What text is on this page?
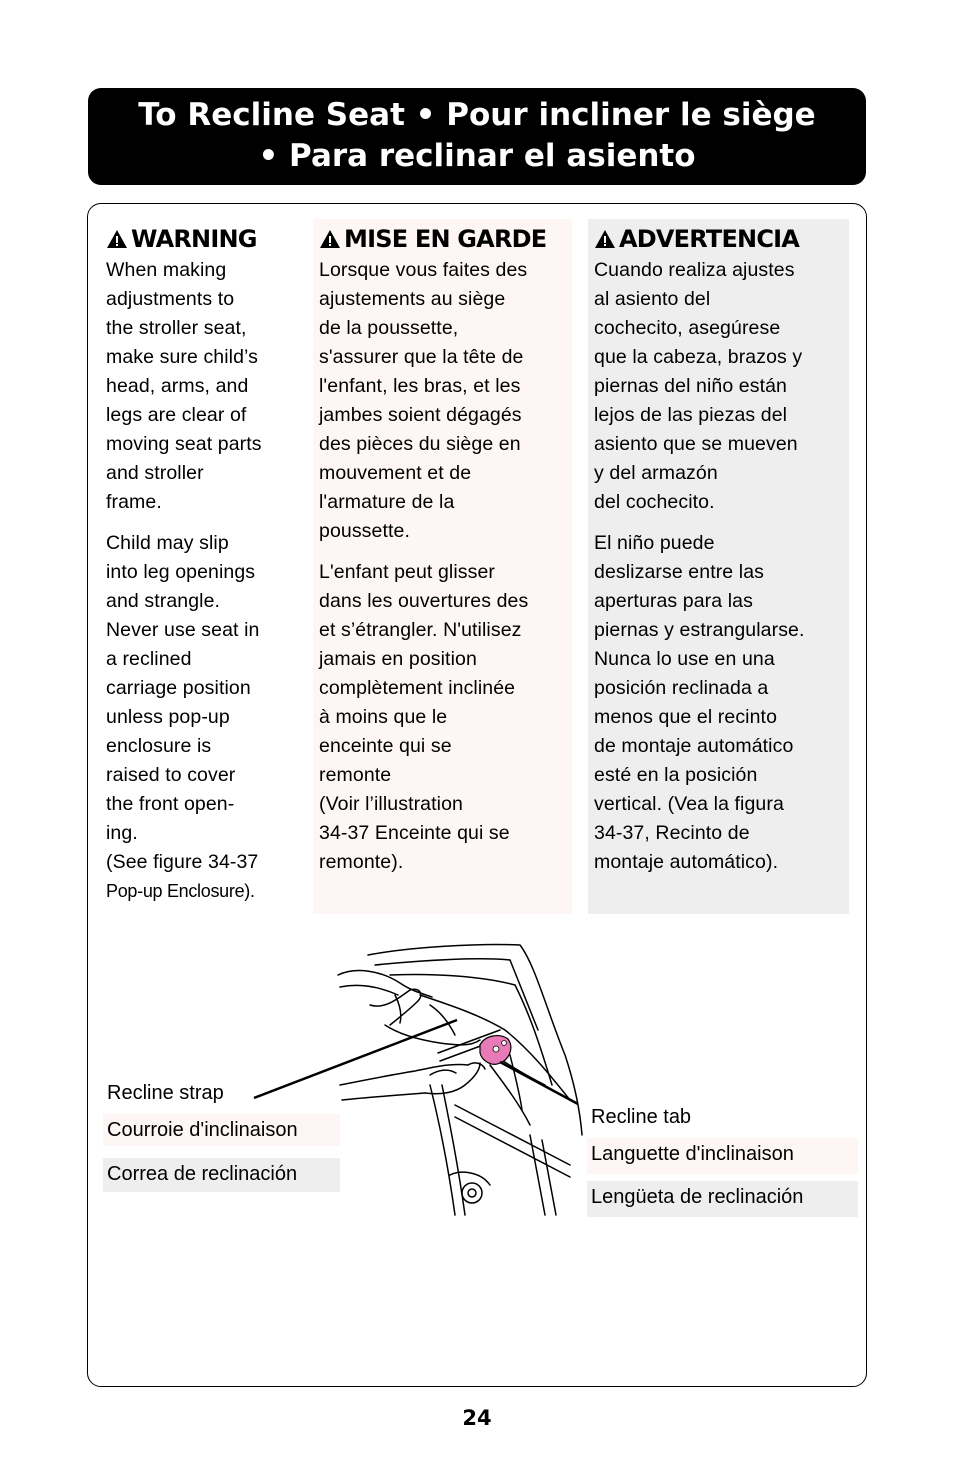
To Recline Seat • Pour incliner le siège
• Para reclinar el asiento
WARNING

When making
adjustments to
the stroller seat,
make sure child’s
head, arms, and
legs are clear of
moving seat parts
and stroller
frame.

Child may slip
into leg openings
and strangle.
Never use seat in
a reclined
carriage position
unless pop-up
enclosure is
raised to cover
the front open-
ing.
(See figure 34-37
Pop-up Enclosure).

MISE EN GARDE

Lorsque vous faites des
ajustements au siège
de la poussette,
s'assurer que la tête de
l'enfant, les bras, et les
jambes soient dégagés
des pièces du siège en
mouvement et de
l'armature de la
poussette.

L'enfant peut glisser
dans les ouvertures des
et s’étrangler. N'utilisez
jamais en position
complètement inclinée
à moins que le
enceinte qui se
remonte
(Voir l’illustration
34-37 Enceinte qui se
remonte).

ADVERTENCIA

Cuando realiza ajustes
al asiento del
cochecito, asegúrese
que la cabeza, brazos y
piernas del niño están
lejos de las piezas del
asiento que se mueven
y del armazón
del cochecito.

El niño puede
deslizarse entre las
aperturas para las
piernas y estrangularse.
Nunca lo use en una
posición reclinada a
menos que el recinto
de montaje automático
esté en la posición
vertical. (Vea la figura
34-37, Recinto de
montaje automático).

Recline strap
Courroie d'inclinaison
Correa de reclinación
Recline tab
Languette d'inclinaison
Lengüeta de reclinación
24
